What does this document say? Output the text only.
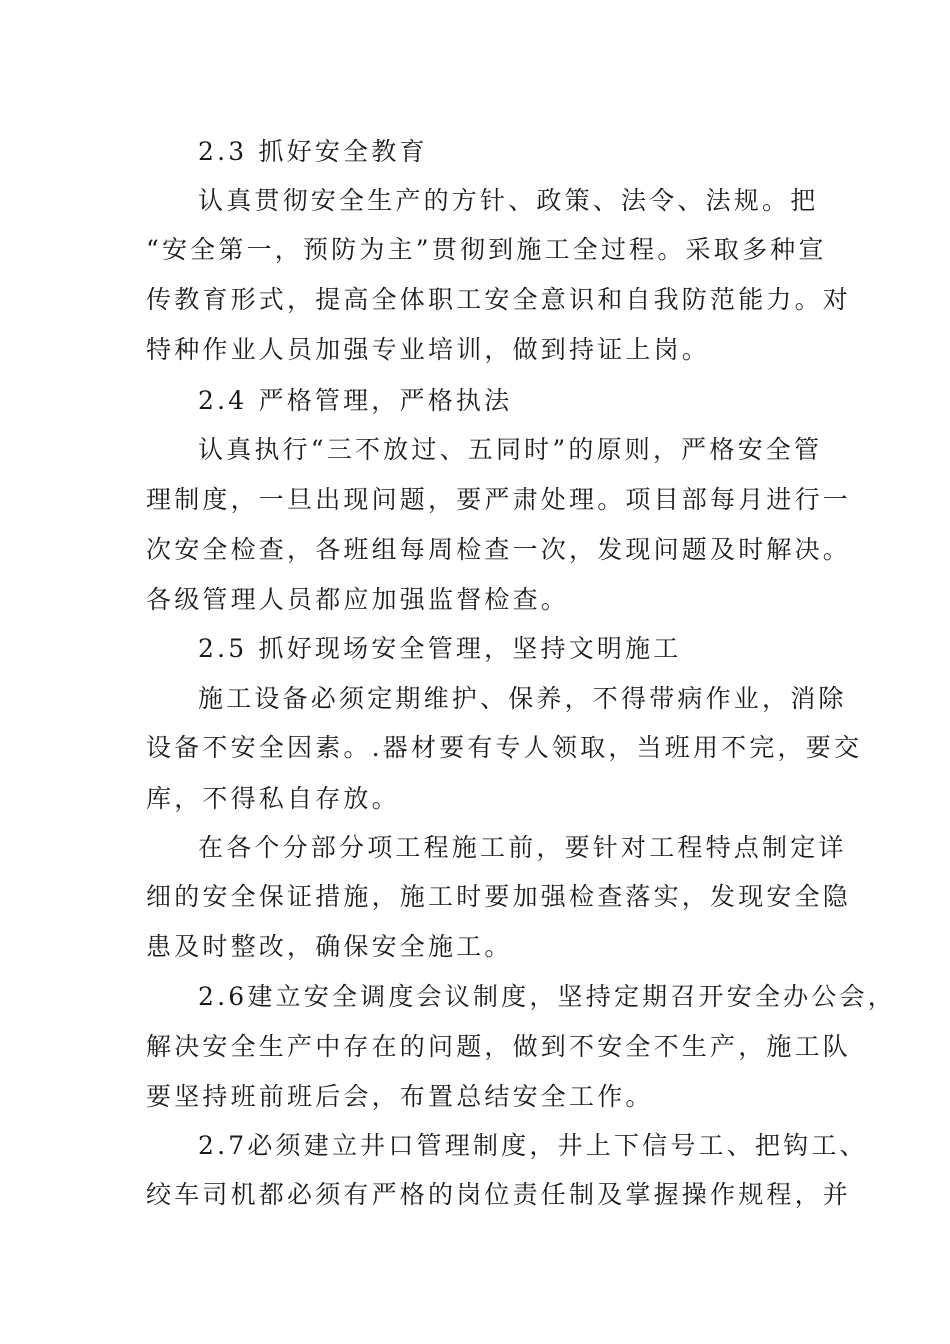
2.3 抓好安全教育
认真贯彻安全生产的方针、政策、法令、法规。把
“安全第一，预防为主”贯彻到施工全过程。采取多种宣
传教育形式，提高全体职工安全意识和自我防范能力。对
特种作业人员加强专业培训，做到持证上岗。
2.4 严格管理，严格执法
认真执行“三不放过、五同时”的原则，严格安全管
理制度，一旦出现问题，要严肃处理。项目部每月进行一
次安全检查，各班组每周检查一次，发现问题及时解决。
各级管理人员都应加强监督检查。
2.5 抓好现场安全管理，坚持文明施工
施工设备必须定期维护、保养，不得带病作业，消除
设备不安全因素。.器材要有专人领取，当班用不完，要交
库，不得私自存放。
在各个分部分项工程施工前，要针对工程特点制定详
细的安全保证措施，施工时要加强检查落实，发现安全隐
患及时整改，确保安全施工。
2.6建立安全调度会议制度，坚持定期召开安全办公会，
解决安全生产中存在的问题，做到不安全不生产，施工队
要坚持班前班后会，布置总结安全工作。
2.7必须建立井口管理制度，井上下信号工、把钩工、
绞车司机都必须有严格的岗位责任制及掌握操作规程，并
